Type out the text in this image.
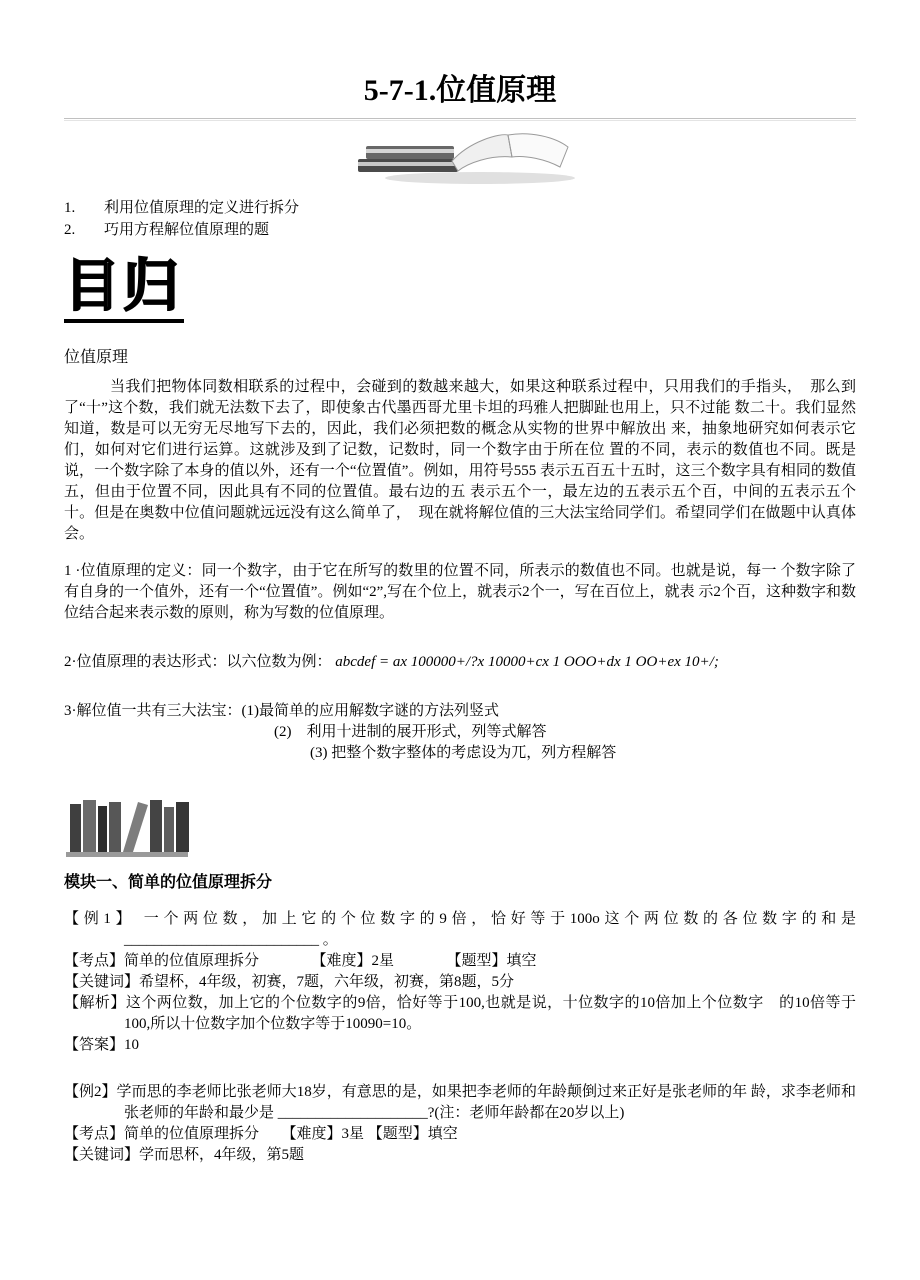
5-7-1.位值原理
1. 利用位值原理的定义进行拆分
2. 巧用方程解位值原理的题
目归
位值原理

当我们把物体同数相联系的过程中，会碰到的数越来越大，如果这种联系过程中，只用我们的手指头，　那么到了“十”这个数，我们就无法数下去了，即使象古代墨西哥尤里卡坦的玛雅人把脚趾也用上，只不过能 数二十。我们显然知道，数是可以无穷无尽地写下去的，因此，我们必须把数的概念从实物的世界中解放出 来，抽象地研究如何表示它们，如何对它们进行运算。这就涉及到了记数，记数时，同一个数字由于所在位 置的不同，表示的数值也不同。既是说，一个数字除了本身的值以外，还有一个“位置值”。例如，用符号555 表示五百五十五时，这三个数字具有相同的数值五，但由于位置不同，因此具有不同的位置值。最右边的五 表示五个一，最左边的五表示五个百，中间的五表示五个十。但是在奥数中位值问题就远远没有这么简单了，　现在就将解位值的三大法宝给同学们。希望同学们在做题中认真体会。

1 ·位值原理的定义：同一个数字，由于它在所写的数里的位置不同，所表示的数值也不同。也就是说，每一 个数字除了有自身的一个值外，还有一个“位置值”。例如“2”,写在个位上，就表示2个一，写在百位上，就表 示2个百，这种数字和数位结合起来表示数的原则，称为写数的位值原理。

2·位值原理的表达形式：以六位数为例： abcdef = ax 100000+/?x 10000+cx 1 OOO+dx 1 OO+ex 10+/;

3·解位值一共有三大法宝：(1)最简单的应用解数字谜的方法列竖式
(2)　利用十进制的展开形式，列等式解答
(3) 把整个数字整体的考虑设为兀，列方程解答
模块一、简单的位值原理拆分

【例1】 一个两位数，加上它的个位数字的9倍，恰好等于100o这个两位数的各位数字的和是 __________________________ 。

【考点】简单的位值原理拆分　　　　【难度】2星　　　　【题型】填空

【关键词】希望杯，4年级，初赛，7题，六年级，初赛，第8题，5分

【解析】这个两位数，加上它的个位数字的9倍，恰好等于100,也就是说，十位数字的10倍加上个位数字　的10倍等于100,所以十位数字加个位数字等于10090=10。

【答案】10

【例2】学而思的李老师比张老师大18岁，有意思的是，如果把李老师的年龄颠倒过来正好是张老师的年 龄，求李老师和张老师的年龄和最少是 ____________________?(注：老师年龄都在20岁以上)

【考点】简单的位值原理拆分　　【难度】3星 【题型】填空

【关键词】学而思杯，4年级，第5题
